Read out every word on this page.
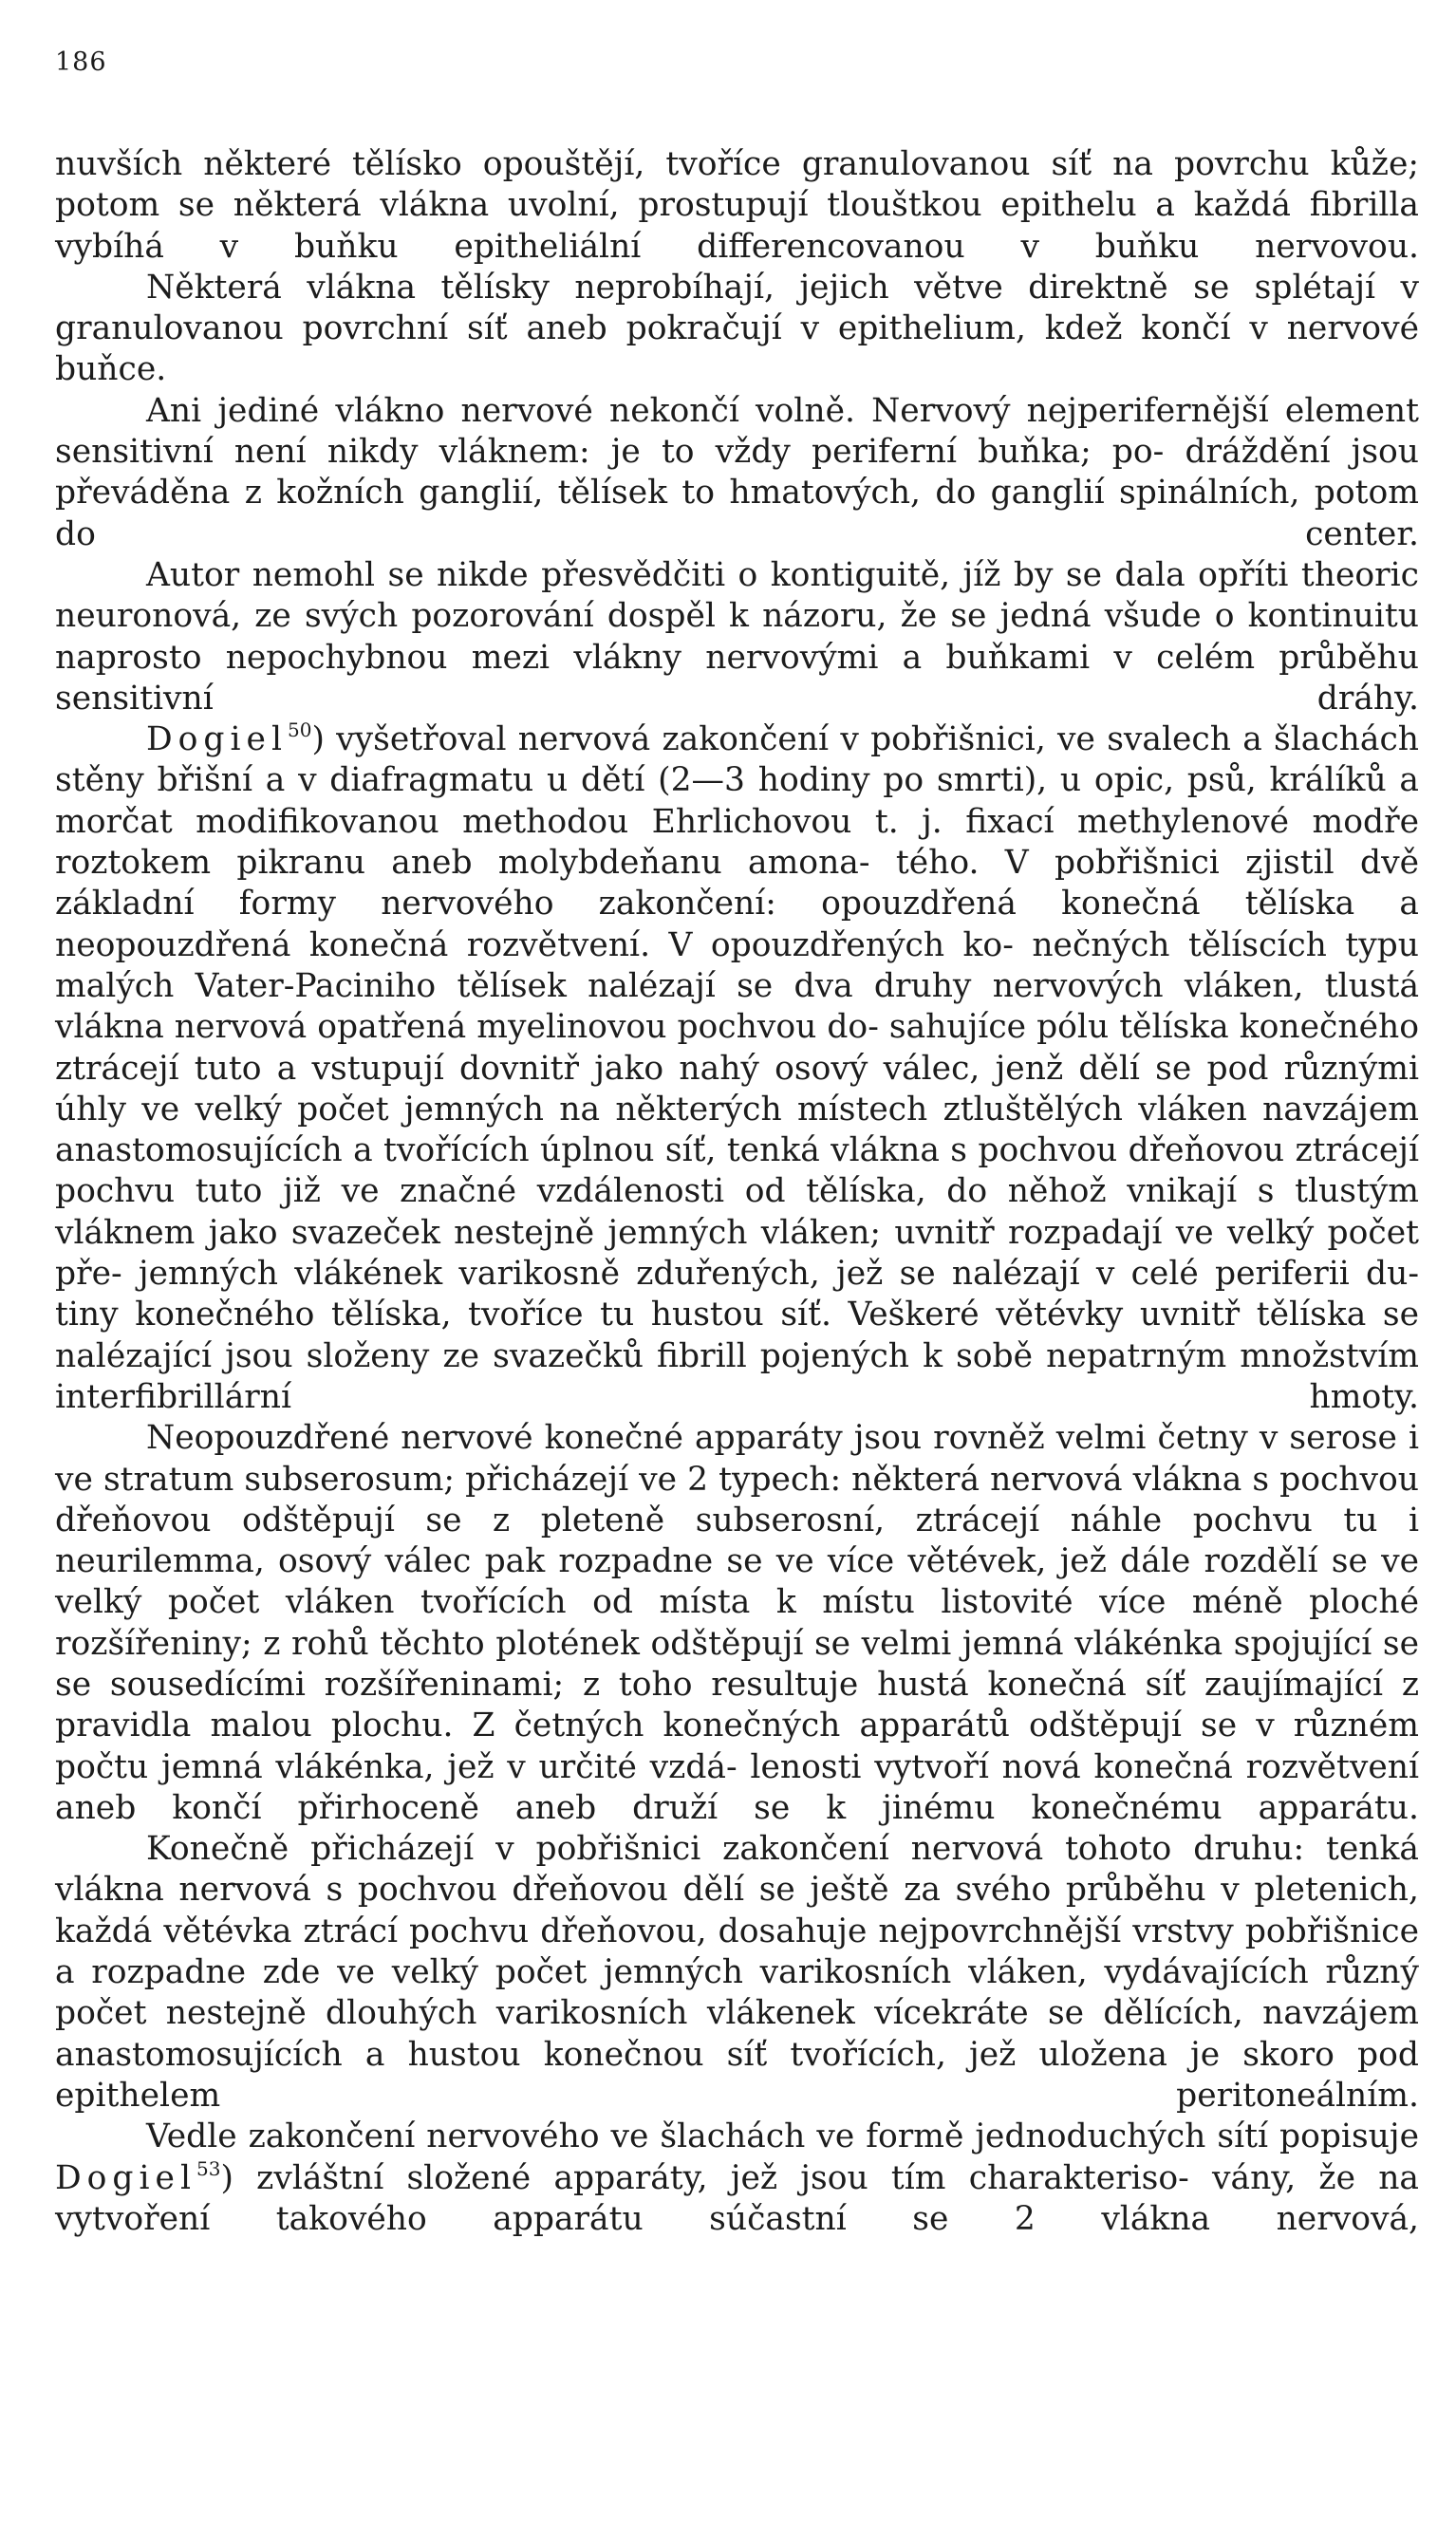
186

nuvších některé tělísko opouštějí, tvoříce granulovanou síť na povrchu kůže; potom se některá vlákna uvolní, prostupují tlouštkou epithelu a každá fibrilla vybíhá v buňku epitheliální differencovanou v buňku nervovou.

Některá vlákna tělísky neprobíhají, jejich větve direktně se splétají v granulovanou povrchní síť aneb pokračují v epithelium, kdež končí v nervové buňce.

Ani jediné vlákno nervové nekončí volně. Nervový nejperifernější element sensitivní není nikdy vláknem: je to vždy periferní buňka; po- dráždění jsou převáděna z kožních ganglií, tělísek to hmatových, do ganglií spinálních, potom do center.

Autor nemohl se nikde přesvědčiti o kontiguitě, jíž by se dala opříti theoric neuronová, ze svých pozorování dospěl k názoru, že se jedná všude o kontinuitu naprosto nepochybnou mezi vlákny nervovými a buňkami v celém průběhu sensitivní dráhy.

Dogiel$^{50}$) vyšetřoval nervová zakončení v pobřišnici, ve svalech a šlachách stěny břišní a v diafragmatu u dětí (2—3 hodiny po smrti), u opic, psů, králíků a morčat modifikovanou methodou Ehrlichovou t. j. fixací methylenové modře roztokem pikranu aneb molybdeňanu amona- tého. V pobřišnici zjistil dvě základní formy nervového zakončení: opouzdřená konečná tělíska a neopouzdřená konečná rozvětvení. V opouzdřených ko- nečných tělíscích typu malých Vater-Paciniho tělísek nalézají se dva druhy nervových vláken, tlustá vlákna nervová opatřená myelinovou pochvou do- sahujíce pólu tělíska konečného ztrácejí tuto a vstupují dovnitř jako nahý osový válec, jenž dělí se pod různými úhly ve velký počet jemných na některých místech ztluštělých vláken navzájem anastomosujících a tvořících úplnou síť, tenká vlákna s pochvou dřeňovou ztrácejí pochvu tuto již ve značné vzdálenosti od tělíska, do něhož vnikají s tlustým vláknem jako svazeček nestejně jemných vláken; uvnitř rozpadají ve velký počet pře- jemných vlákének varikosně zduřených, jež se nalézají v celé periferii du- tiny konečného tělíska, tvoříce tu hustou síť. Veškeré větévky uvnitř tělíska se nalézající jsou složeny ze svazečků fibrill pojených k sobě nepatrným množstvím interfibrillární hmoty.

Neopouzdřené nervové konečné apparáty jsou rovněž velmi četny v serose i ve stratum subserosum; přicházejí ve 2 typech: některá nervová vlákna s pochvou dřeňovou odštěpují se z pleteně subserosní, ztrácejí náhle pochvu tu i neurilemma, osový válec pak rozpadne se ve více větévek, jež dále rozdělí se ve velký počet vláken tvořících od místa k místu listovité více méně ploché rozšířeniny; z rohů těchto plotének odštěpují se velmi jemná vlákénka spojující se se sousedícími rozšířeninami; z toho resultuje hustá konečná síť zaujímající z pravidla malou plochu. Z četných konečných apparátů odštěpují se v různém počtu jemná vlákénka, jež v určité vzdá- lenosti vytvoří nová konečná rozvětvení aneb končí přirhoceně aneb druží se k jinému konečnému apparátu.

Konečně přicházejí v pobřišnici zakončení nervová tohoto druhu: tenká vlákna nervová s pochvou dřeňovou dělí se ještě za svého průběhu v pletenich, každá větévka ztrácí pochvu dřeňovou, dosahuje nejpovrchnější vrstvy pobřišnice a rozpadne zde ve velký počet jemných varikosních vláken, vydávajících různý počet nestejně dlouhých varikosních vlákenek vícekráte se dělících, navzájem anastomosujících a hustou konečnou síť tvořících, jež uložena je skoro pod epithelem peritoneálním.

Vedle zakončení nervového ve šlachách ve formě jednoduchých sítí popisuje Dogiel$^{53}$) zvláštní složené apparáty, jež jsou tím charakteriso- vány, že na vytvoření takového apparátu súčastní se 2 vlákna nervová,
